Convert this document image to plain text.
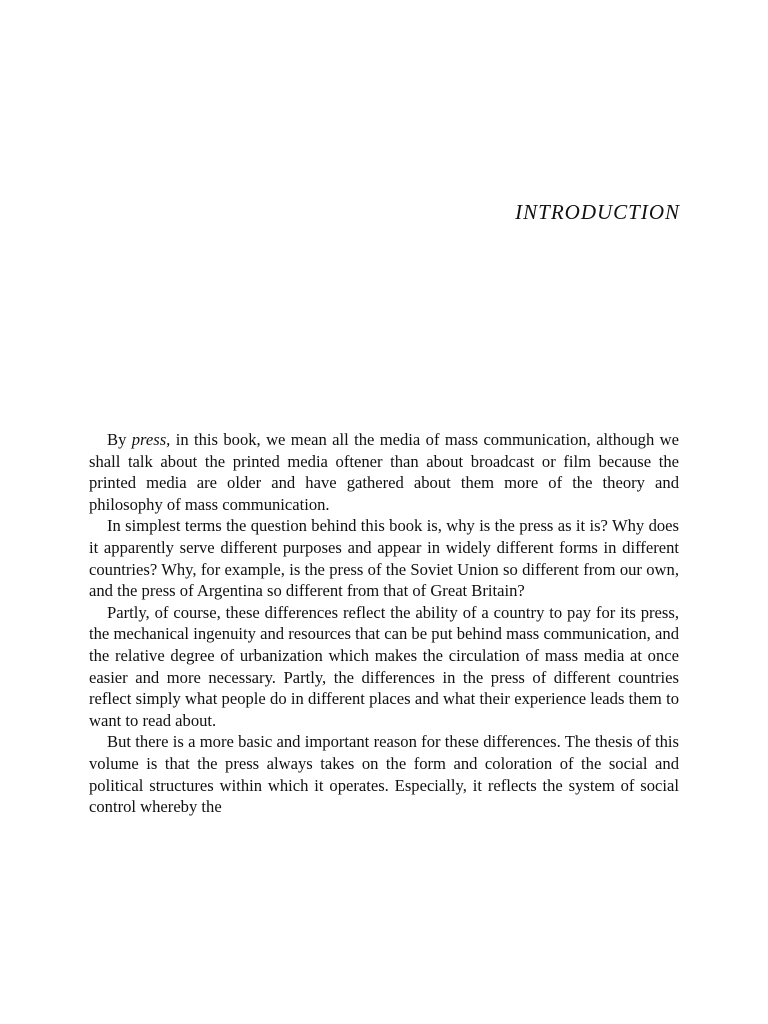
INTRODUCTION

By press, in this book, we mean all the media of mass communication, although we shall talk about the printed media oftener than about broadcast or film because the printed media are older and have gathered about them more of the theory and philosophy of mass communication.

In simplest terms the question behind this book is, why is the press as it is? Why does it apparently serve different purposes and appear in widely different forms in different countries? Why, for example, is the press of the Soviet Union so different from our own, and the press of Argentina so different from that of Great Britain?

Partly, of course, these differences reflect the ability of a country to pay for its press, the mechanical ingenuity and resources that can be put behind mass communication, and the relative degree of urbanization which makes the circulation of mass media at once easier and more necessary. Partly, the differences in the press of different countries reflect simply what people do in different places and what their experience leads them to want to read about.

But there is a more basic and important reason for these differences. The thesis of this volume is that the press always takes on the form and coloration of the social and political structures within which it operates. Especially, it reflects the system of social control whereby the
